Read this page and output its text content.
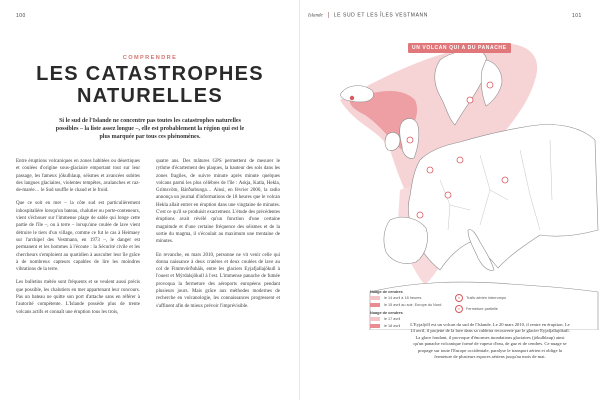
100
COMPRENDRE
LES CATASTROPHES
NATURELLES
Si le sud de l'Islande ne concentre pas toutes les catastrophes naturelles possibles – la liste assez longue –, elle est probablement la région qui est le plus marquée par tous ces phénomènes.

Entre éruptions volcaniques en zones habitées ou désertiques et coulées d'origine sous-glaciaire emportant tout sur leur passage, les fameux jökulhlaup, séismes et avancées subites des langues glaciaires, violentes tempêtes, avalanches et raz-de-marée… le Sud souffle le chaud et le froid.

Que ce soit en mer – la côte sud est particulièrement inhospitalière lorsqu'un bateau, chalutier ou porte-conteneurs, vient s'échouer sur l'immense plage de sable qui longe cette partie de l'île –, ou à terre – lorsqu'une coulée de lave vient détruire le tiers d'un village, comme ce fut le cas à Heimaey sur l'archipel des Vestmann, en 1973 –, le danger est permanent et les hommes à l'écoute : la Sécurité civile et les chercheurs s'emploient au quotidien à ausculter leur île grâce à de nombreux capteurs capables de lire les moindres vibrations de la terre.

Les bulletins météo sont fréquents et se veulent aussi précis que possible, les chalutiers en mer appartenant leur concours. Pas un bateau ne quitte son port d'attache sans en référer à l'autorité compétente. L'Islande possède plus de trente volcans actifs et connaît une éruption tous les trois,

quatre ans. Des mâtures GPS permettent de mesurer le rythme d'écartement des plaques, la hauteur des sols dans les zones fragiles, de suivre minute après minute quelques volcans parmi les plus célèbres de l'île : Askja, Katla, Hekla, Grímsvötn, Bárðarbunga… Ainsi, en février 2000, la radio annonça un journal d'informations de 18 heures que le volcan Hekla allait entrer en éruption dans une vingtaine de minutes. C'est ce qu'il se produisit exactement. L'étude des précédentes éruptions avait révélé qu'un fonction d'une certaine magnitude et d'une certaine fréquence des séismes et de la sortie du magma, il s'écoulait au maximum une trentaine de minutes.

En revanche, en mars 2010, personne ne vit venir celle qui donna naissance à deux cratères et deux coulées de lave au col de Fimmvörðuháls, entre les glaciers Eyjafjallajökull à l'ouest et Mýrdalsjökull à l'est. L'immense panache de fumée provoqua la fermeture des aéroports européens pendant plusieurs jours. Mais grâce aux méthodes modernes de recherche en volcanologie, les connaissances progressent et s'affinent afin de mieux prévoir l'imprévisible.

Islande LE SUD ET LES ÎLES VESTMANN	101
UN VOLCAN QUI A DU PANACHE
Nuage de cendres
le 14 avril à 18 heures
le 15 avril au soir, Europe du Nord
Nuage de cendres
le 17 avril
le 18 avril
✈	Trafic aérien interrompu
✈	Fermeture partielle
L'Eyjafjöll est un volcan du sud de l'Islande. Le 20 mars 2010, il rentre en éruption. Le 14 avril, il projette de la lave dans sa caldeira recouverte par le glacier Eyjafjallajökull. La glace fondant, il provoque d'énormes inondations glaciaires (jökulhlaup) ainsi qu'un panache volcanique formé de vapeur d'eau, de gaz et de cendres. Ce nuage se propage sur toute l'Europe occidentale, paralyse le transport aérien et oblige la fermeture de plusieurs espaces aériens jusqu'au mois de mai.
